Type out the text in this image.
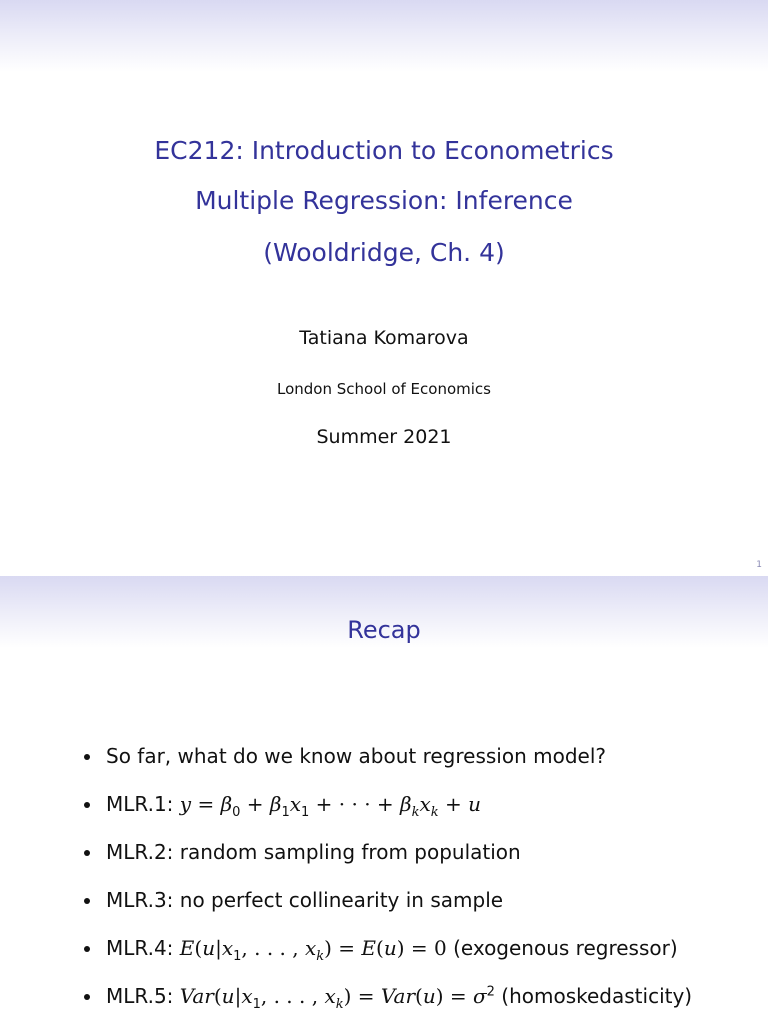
EC212: Introduction to Econometrics
Multiple Regression: Inference
(Wooldridge, Ch. 4)
Tatiana Komarova
London School of Economics
Summer 2021
1
Recap
So far, what do we know about regression model?
MLR.1: $y = \beta_0 + \beta_1x_1$ + · · · + $\beta_kx_k + u$
MLR.2: random sampling from population
MLR.3: no perfect collinearity in sample
MLR.4: $E(u|x_1$, . . . , $x_k) = E(u) = 0$ (exogenous regressor)
MLR.5: $Var(u|x_1$, . . . , $x_k) = Var(u) = \sigma^2$ (homoskedasticity)
